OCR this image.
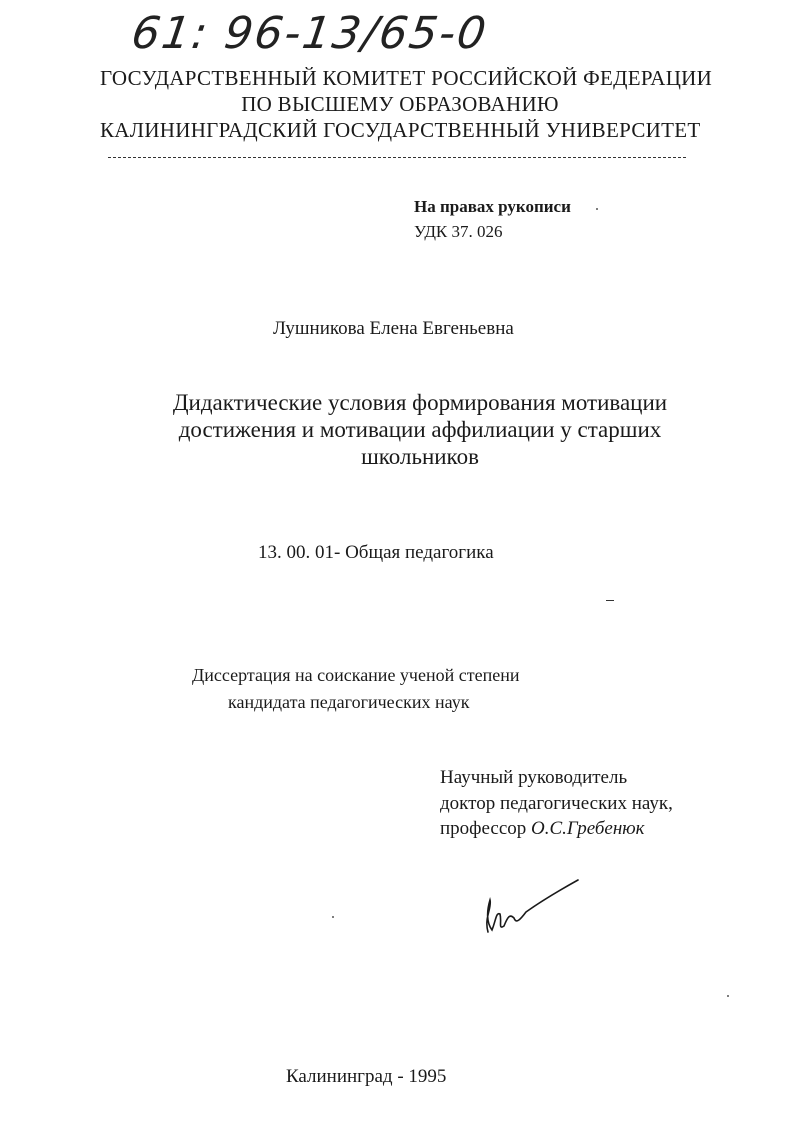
61: 96-13/65-0
ГОСУДАРСТВЕННЫЙ КОМИТЕТ РОССИЙСКОЙ ФЕДЕРАЦИИ
ПО ВЫСШЕМУ ОБРАЗОВАНИЮ
КАЛИНИНГРАДСКИЙ ГОСУДАРСТВЕННЫЙ УНИВЕРСИТЕТ
На правах рукописи
УДК 37. 026
Лушникова Елена Евгеньевна
Дидактические условия формирования мотивации
достижения и мотивации аффилиации у старших
школьников
13. 00. 01- Общая педагогика
Диссертация на соискание ученой степени
кандидата педагогических наук
Научный руководитель
доктор педагогических наук,
профессор О.С.Гребенюк
Калининград - 1995
